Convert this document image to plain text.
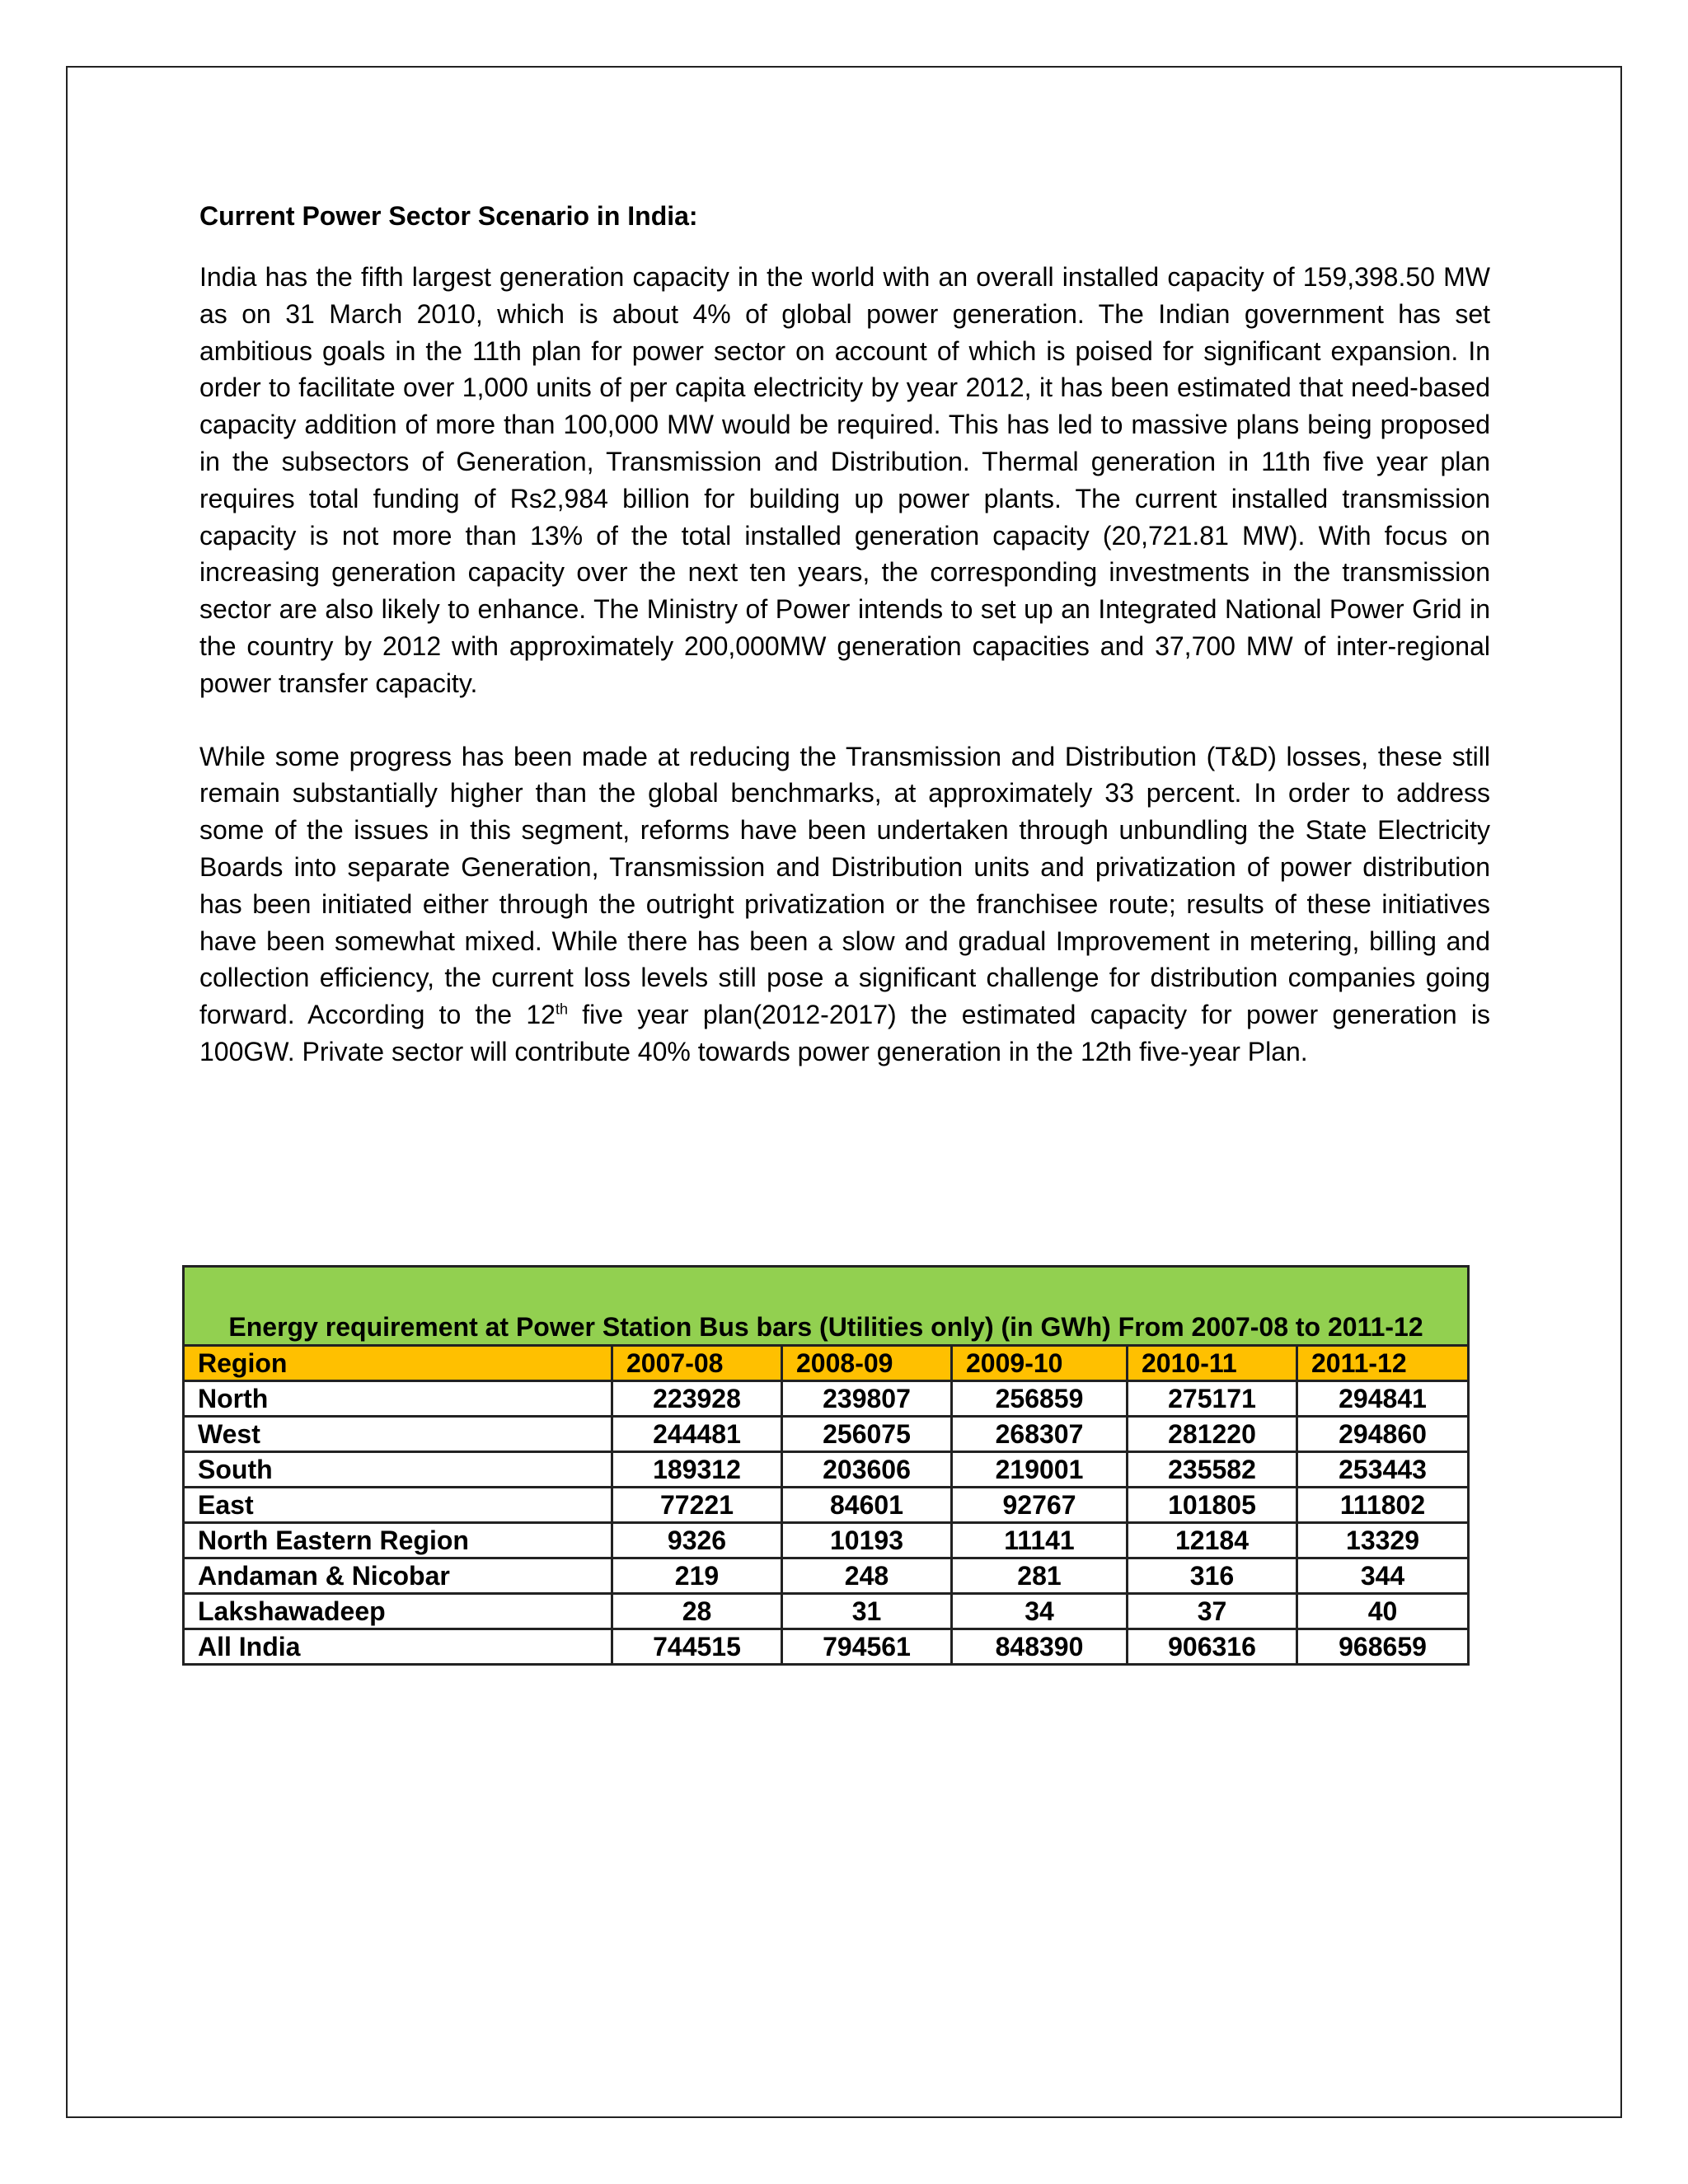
Current Power Sector Scenario in India:

India has the fifth largest generation capacity in the world with an overall installed capacity of 159,398.50 MW as on 31 March 2010, which is about 4% of global power generation. The Indian government has set ambitious goals in the 11th plan for power sector on account of which is poised for significant expansion. In order to facilitate over 1,000 units of per capita electricity by year 2012, it has been estimated that need-based capacity addition of more than 100,000 MW would be required. This has led to massive plans being proposed in the subsectors of Generation, Transmission and Distribution. Thermal generation in 11th five year plan requires total funding of Rs2,984 billion for building up power plants. The current installed transmission capacity is not more than 13% of the total installed generation capacity (20,721.81 MW). With focus on increasing generation capacity over the next ten years, the corresponding investments in the transmission sector are also likely to enhance. The Ministry of Power intends to set up an Integrated National Power Grid in the country by 2012 with approximately 200,000MW generation capacities and 37,700 MW of inter-regional power transfer capacity.

While some progress has been made at reducing the Transmission and Distribution (T&D) losses, these still remain substantially higher than the global benchmarks, at approximately 33 percent. In order to address some of the issues in this segment, reforms have been undertaken through unbundling the State Electricity Boards into separate Generation, Transmission and Distribution units and privatization of power distribution has been initiated either through the outright privatization or the franchisee route; results of these initiatives have been somewhat mixed. While there has been a slow and gradual Improvement in metering, billing and collection efficiency, the current loss levels still pose a significant challenge for distribution companies going forward. According to the 12th five year plan(2012-2017) the estimated capacity for power generation is 100GW. Private sector will contribute 40% towards power generation in the 12th five-year Plan.

Energy requirement at Power Station Bus bars (Utilities only) (in GWh) From 2007-08 to 2011-12					
Region	2007-08	2008-09	2009-10	2010-11	2011-12
North	223928	239807	256859	275171	294841
West	244481	256075	268307	281220	294860
South	189312	203606	219001	235582	253443
East	77221	84601	92767	101805	111802
North Eastern Region	9326	10193	11141	12184	13329
Andaman & Nicobar	219	248	281	316	344
Lakshawadeep	28	31	34	37	40
All India	744515	794561	848390	906316	968659
